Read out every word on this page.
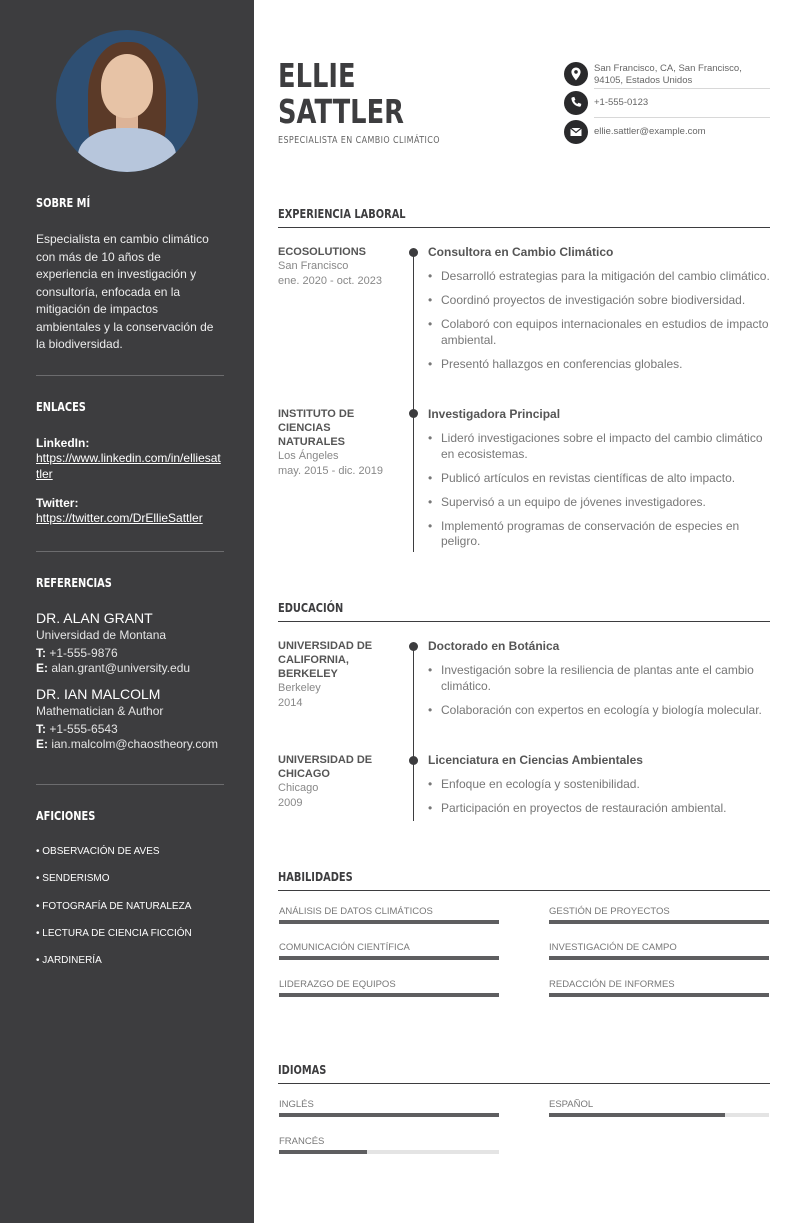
SOBRE MÍ

Especialista en cambio climático con más de 10 años de experiencia en investigación y consultoría, enfocada en la mitigación de impactos ambientales y la conservación de la biodiversidad.

ENLACES
LinkedIn:
https://www.linkedin.com/in/elliesattler
Twitter:
https://twitter.com/DrEllieSattler
REFERENCIAS
DR. ALAN GRANT
Universidad de Montana
T: +1-555-9876
E: alan.grant@university.edu
DR. IAN MALCOLM
Mathematician & Author
T: +1-555-6543
E: ian.malcolm@chaostheory.com
AFICIONES
• OBSERVACIÓN DE AVES
• SENDERISMO
• FOTOGRAFÍA DE NATURALEZA
• LECTURA DE CIENCIA FICCIÓN
• JARDINERÍA
ELLIE
SATTLER
ESPECIALISTA EN CAMBIO CLIMÁTICO
San Francisco, CA, San Francisco,
94105, Estados Unidos
+1-555-0123
ellie.sattler@example.com
EXPERIENCIA LABORAL
ECOSOLUTIONS
San Francisco
ene. 2020 - oct. 2023
Consultora en Cambio Climático
• Desarrolló estrategias para la mitigación del cambio climático.
• Coordinó proyectos de investigación sobre biodiversidad.
• Colaboró con equipos internacionales en estudios de impacto ambiental.
• Presentó hallazgos en conferencias globales.
INSTITUTO DE CIENCIAS NATURALES
Los Ángeles
may. 2015 - dic. 2019
Investigadora Principal
• Lideró investigaciones sobre el impacto del cambio climático en ecosistemas.
• Publicó artículos en revistas científicas de alto impacto.
• Supervisó a un equipo de jóvenes investigadores.
• Implementó programas de conservación de especies en peligro.
EDUCACIÓN
UNIVERSIDAD DE CALIFORNIA, BERKELEY
Berkeley
2014
Doctorado en Botánica
• Investigación sobre la resiliencia de plantas ante el cambio climático.
• Colaboración con expertos en ecología y biología molecular.
UNIVERSIDAD DE CHICAGO
Chicago
2009
Licenciatura en Ciencias Ambientales
• Enfoque en ecología y sostenibilidad.
• Participación en proyectos de restauración ambiental.
HABILIDADES
ANÁLISIS DE DATOS CLIMÁTICOS	GESTIÓN DE PROYECTOS
COMUNICACIÓN CIENTÍFICA	INVESTIGACIÓN DE CAMPO
LIDERAZGO DE EQUIPOS	REDACCIÓN DE INFORMES
IDIOMAS
INGLÉS	ESPAÑOL
FRANCÉS
